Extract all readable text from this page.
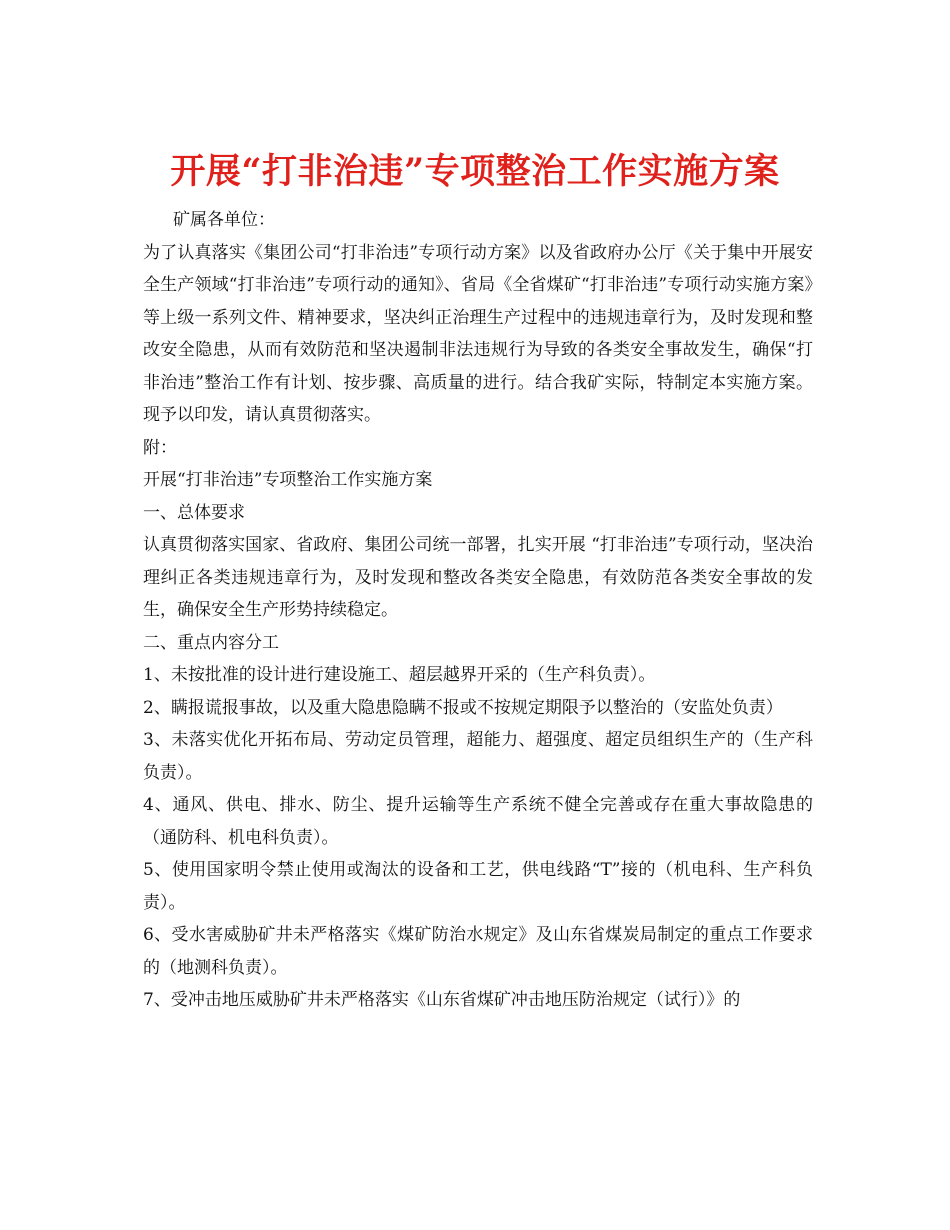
开展“打非治违”专项整治工作实施方案

矿属各单位：

为了认真落实《集团公司“打非治违”专项行动方案》以及省政府办公厅《关于集中开展安全生产领域“打非治违”专项行动的通知》、省局《全省煤矿“打非治违”专项行动实施方案》等上级一系列文件、精神要求，坚决纠正治理生产过程中的违规违章行为，及时发现和整改安全隐患，从而有效防范和坚决遏制非法违规行为导致的各类安全事故发生，确保“打非治违”整治工作有计划、按步骤、高质量的进行。结合我矿实际，特制定本实施方案。现予以印发，请认真贯彻落实。

附：

开展“打非治违”专项整治工作实施方案

一、总体要求

认真贯彻落实国家、省政府、集团公司统一部署，扎实开展 “打非治违”专项行动，坚决治理纠正各类违规违章行为，及时发现和整改各类安全隐患，有效防范各类安全事故的发生，确保安全生产形势持续稳定。

二、重点内容分工

1、未按批准的设计进行建设施工、超层越界开采的（生产科负责）。

2、瞒报谎报事故，以及重大隐患隐瞒不报或不按规定期限予以整治的（安监处负责）

3、未落实优化开拓布局、劳动定员管理，超能力、超强度、超定员组织生产的（生产科负责）。

4、通风、供电、排水、防尘、提升运输等生产系统不健全完善或存在重大事故隐患的（通防科、机电科负责）。

5、使用国家明令禁止使用或淘汰的设备和工艺，供电线路“T”接的（机电科、生产科负责）。

6、受水害威胁矿井未严格落实《煤矿防治水规定》及山东省煤炭局制定的重点工作要求的（地测科负责）。

7、受冲击地压威胁矿井未严格落实《山东省煤矿冲击地压防治规定（试行）》的
